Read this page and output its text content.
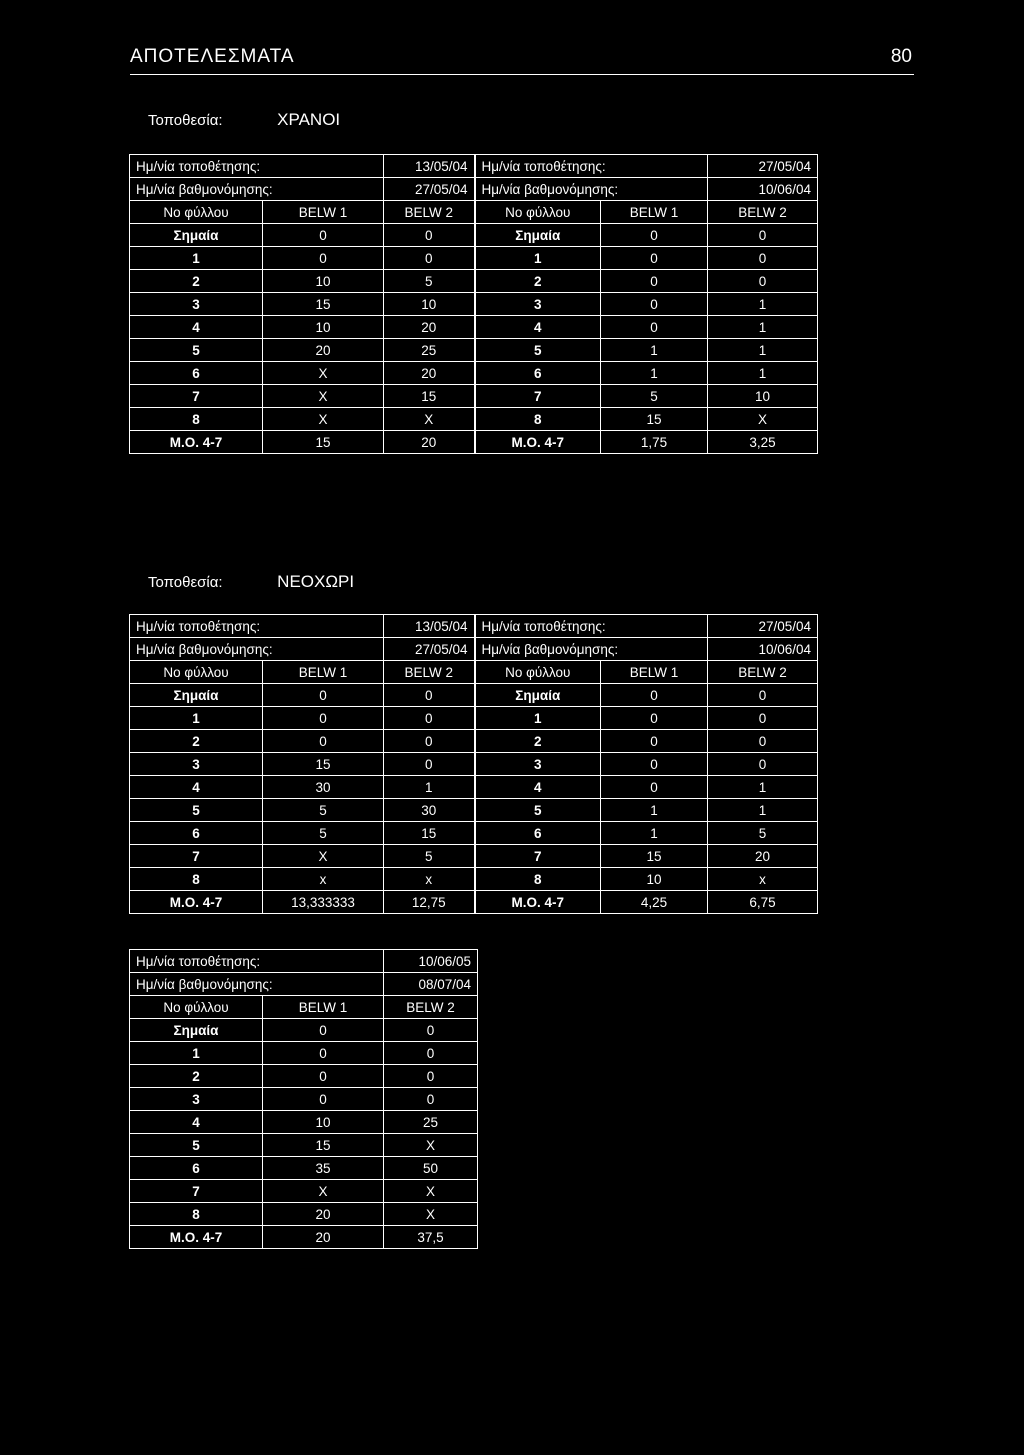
ΑΠΟΤΕΛΕΣΜΑΤΑ	80
Τοποθεσία:	ΧΡΑΝΟΙ
Ημ/νία τοποθέτησης:		13/05/04	Ημ/νία τοποθέτησης:		27/05/04
Ημ/νία βαθμονόμησης:		27/05/04	Ημ/νία βαθμονόμησης:		10/06/04
Νο φύλλου	BELW 1	BELW 2	Νο φύλλου	BELW 1	BELW 2
Σημαία	0	0	Σημαία	0	0
1	0	0	1	0	0
2	10	5	2	0	0
3	15	10	3	0	1
4	10	20	4	0	1
5	20	25	5	1	1
6	X	20	6	1	1
7	X	15	7	5	10
8	X	X	8	15	X
Μ.Ο. 4-7	15	20	Μ.Ο. 4-7	1,75	3,25
Τοποθεσία:	ΝΕΟΧΩΡΙ
Ημ/νία τοποθέτησης:		13/05/04	Ημ/νία τοποθέτησης:		27/05/04
Ημ/νία βαθμονόμησης:		27/05/04	Ημ/νία βαθμονόμησης:		10/06/04
Νο φύλλου	BELW 1	BELW 2	Νο φύλλου	BELW 1	BELW 2
Σημαία	0	0	Σημαία	0	0
1	0	0	1	0	0
2	0	0	2	0	0
3	15	0	3	0	0
4	30	1	4	0	1
5	5	30	5	1	1
6	5	15	6	1	5
7	X	5	7	15	20
8	x	x	8	10	x
Μ.Ο. 4-7	13,333333	12,75	Μ.Ο. 4-7	4,25	6,75
Ημ/νία τοποθέτησης:		10/06/05
Ημ/νία βαθμονόμησης:		08/07/04
Νο φύλλου	BELW 1	BELW 2
Σημαία	0	0
1	0	0
2	0	0
3	0	0
4	10	25
5	15	X
6	35	50
7	X	X
8	20	X
Μ.Ο. 4-7	20	37,5
